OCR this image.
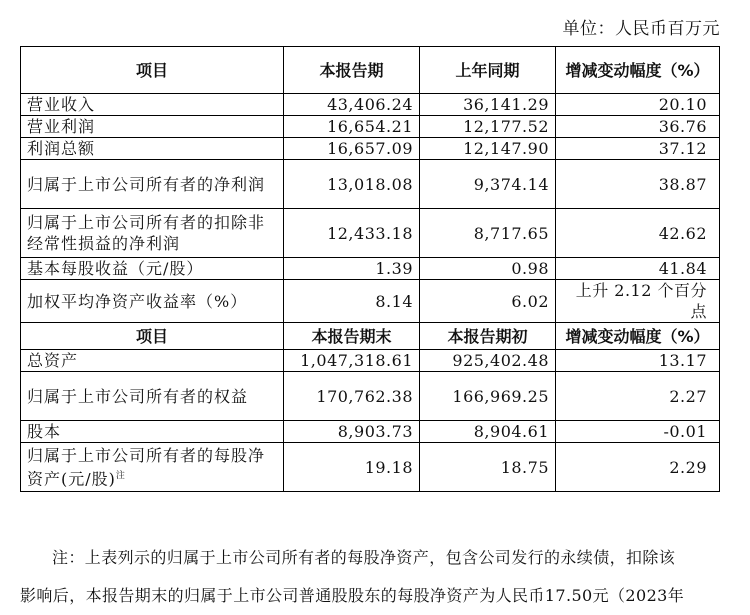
单位：人民币百万元
项目	本报告期	上年同期	增减变动幅度（%）
营业收入	43,406.24	36,141.29	20.10
营业利润	16,654.21	12,177.52	36.76
利润总额	16,657.09	12,147.90	37.12
归属于上市公司所有者的净利润	13,018.08	9,374.14	38.87
归属于上市公司所有者的扣除非经常性损益的净利润	12,433.18	8,717.65	42.62
基本每股收益（元/股）	1.39	0.98	41.84
加权平均净资产收益率（%）	8.14	6.02	上升 2.12 个百分点
项目	本报告期末	本报告期初	增减变动幅度（%）
总资产	1,047,318.61	925,402.48	13.17
归属于上市公司所有者的权益	170,762.38	166,969.25	2.27
股本	8,903.73	8,904.61	-0.01
归属于上市公司所有者的每股净资产(元/股)$^注$	19.18	18.75	2.29
注：上表列示的归属于上市公司所有者的每股净资产，包含公司发行的永续债，扣除该
影响后，本报告期末的归属于上市公司普通股股东的每股净资产为人民币17.50元（2023年
